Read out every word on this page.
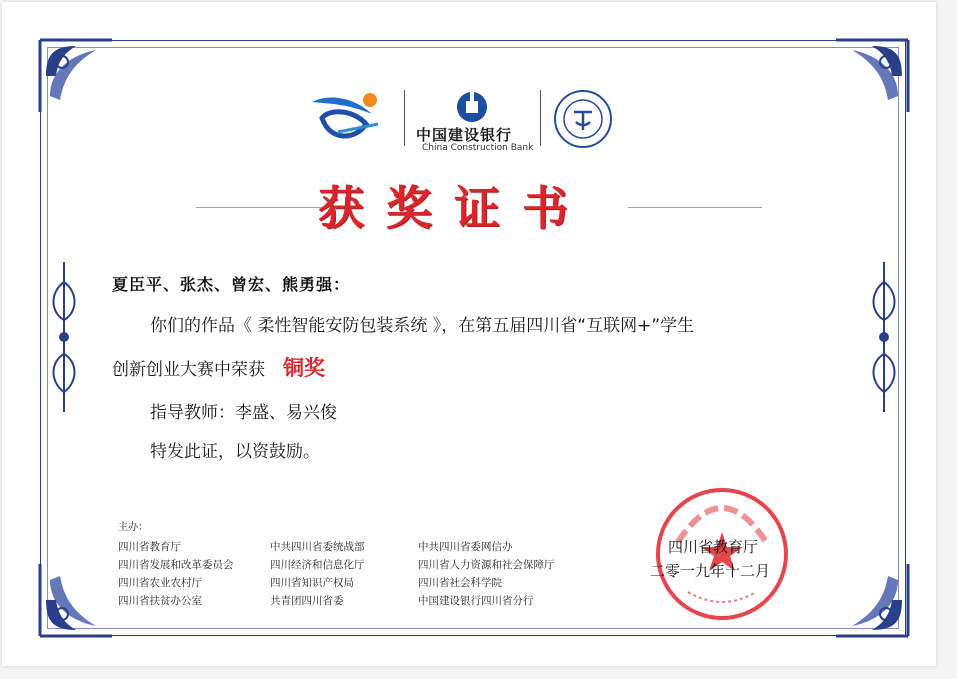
中国建设银行
China Construction Bank
获奖证书
夏臣平、张杰、曾宏、熊勇强：
你们的作品《 柔性智能安防包装系统 》，在第五届四川省“互联网+”学生
创新创业大赛中荣获 铜奖
指导教师：李盛、易兴俊
特发此证，以资鼓励。
主办：
四川省教育厅
四川省发展和改革委员会
四川省农业农村厅
四川省扶贫办公室
中共四川省委统战部
四川经济和信息化厅
四川省知识产权局
共青团四川省委
中共四川省委网信办
四川省人力资源和社会保障厅
四川省社会科学院
中国建设银行四川省分行
四川省教育厅
二零一九年十二月
